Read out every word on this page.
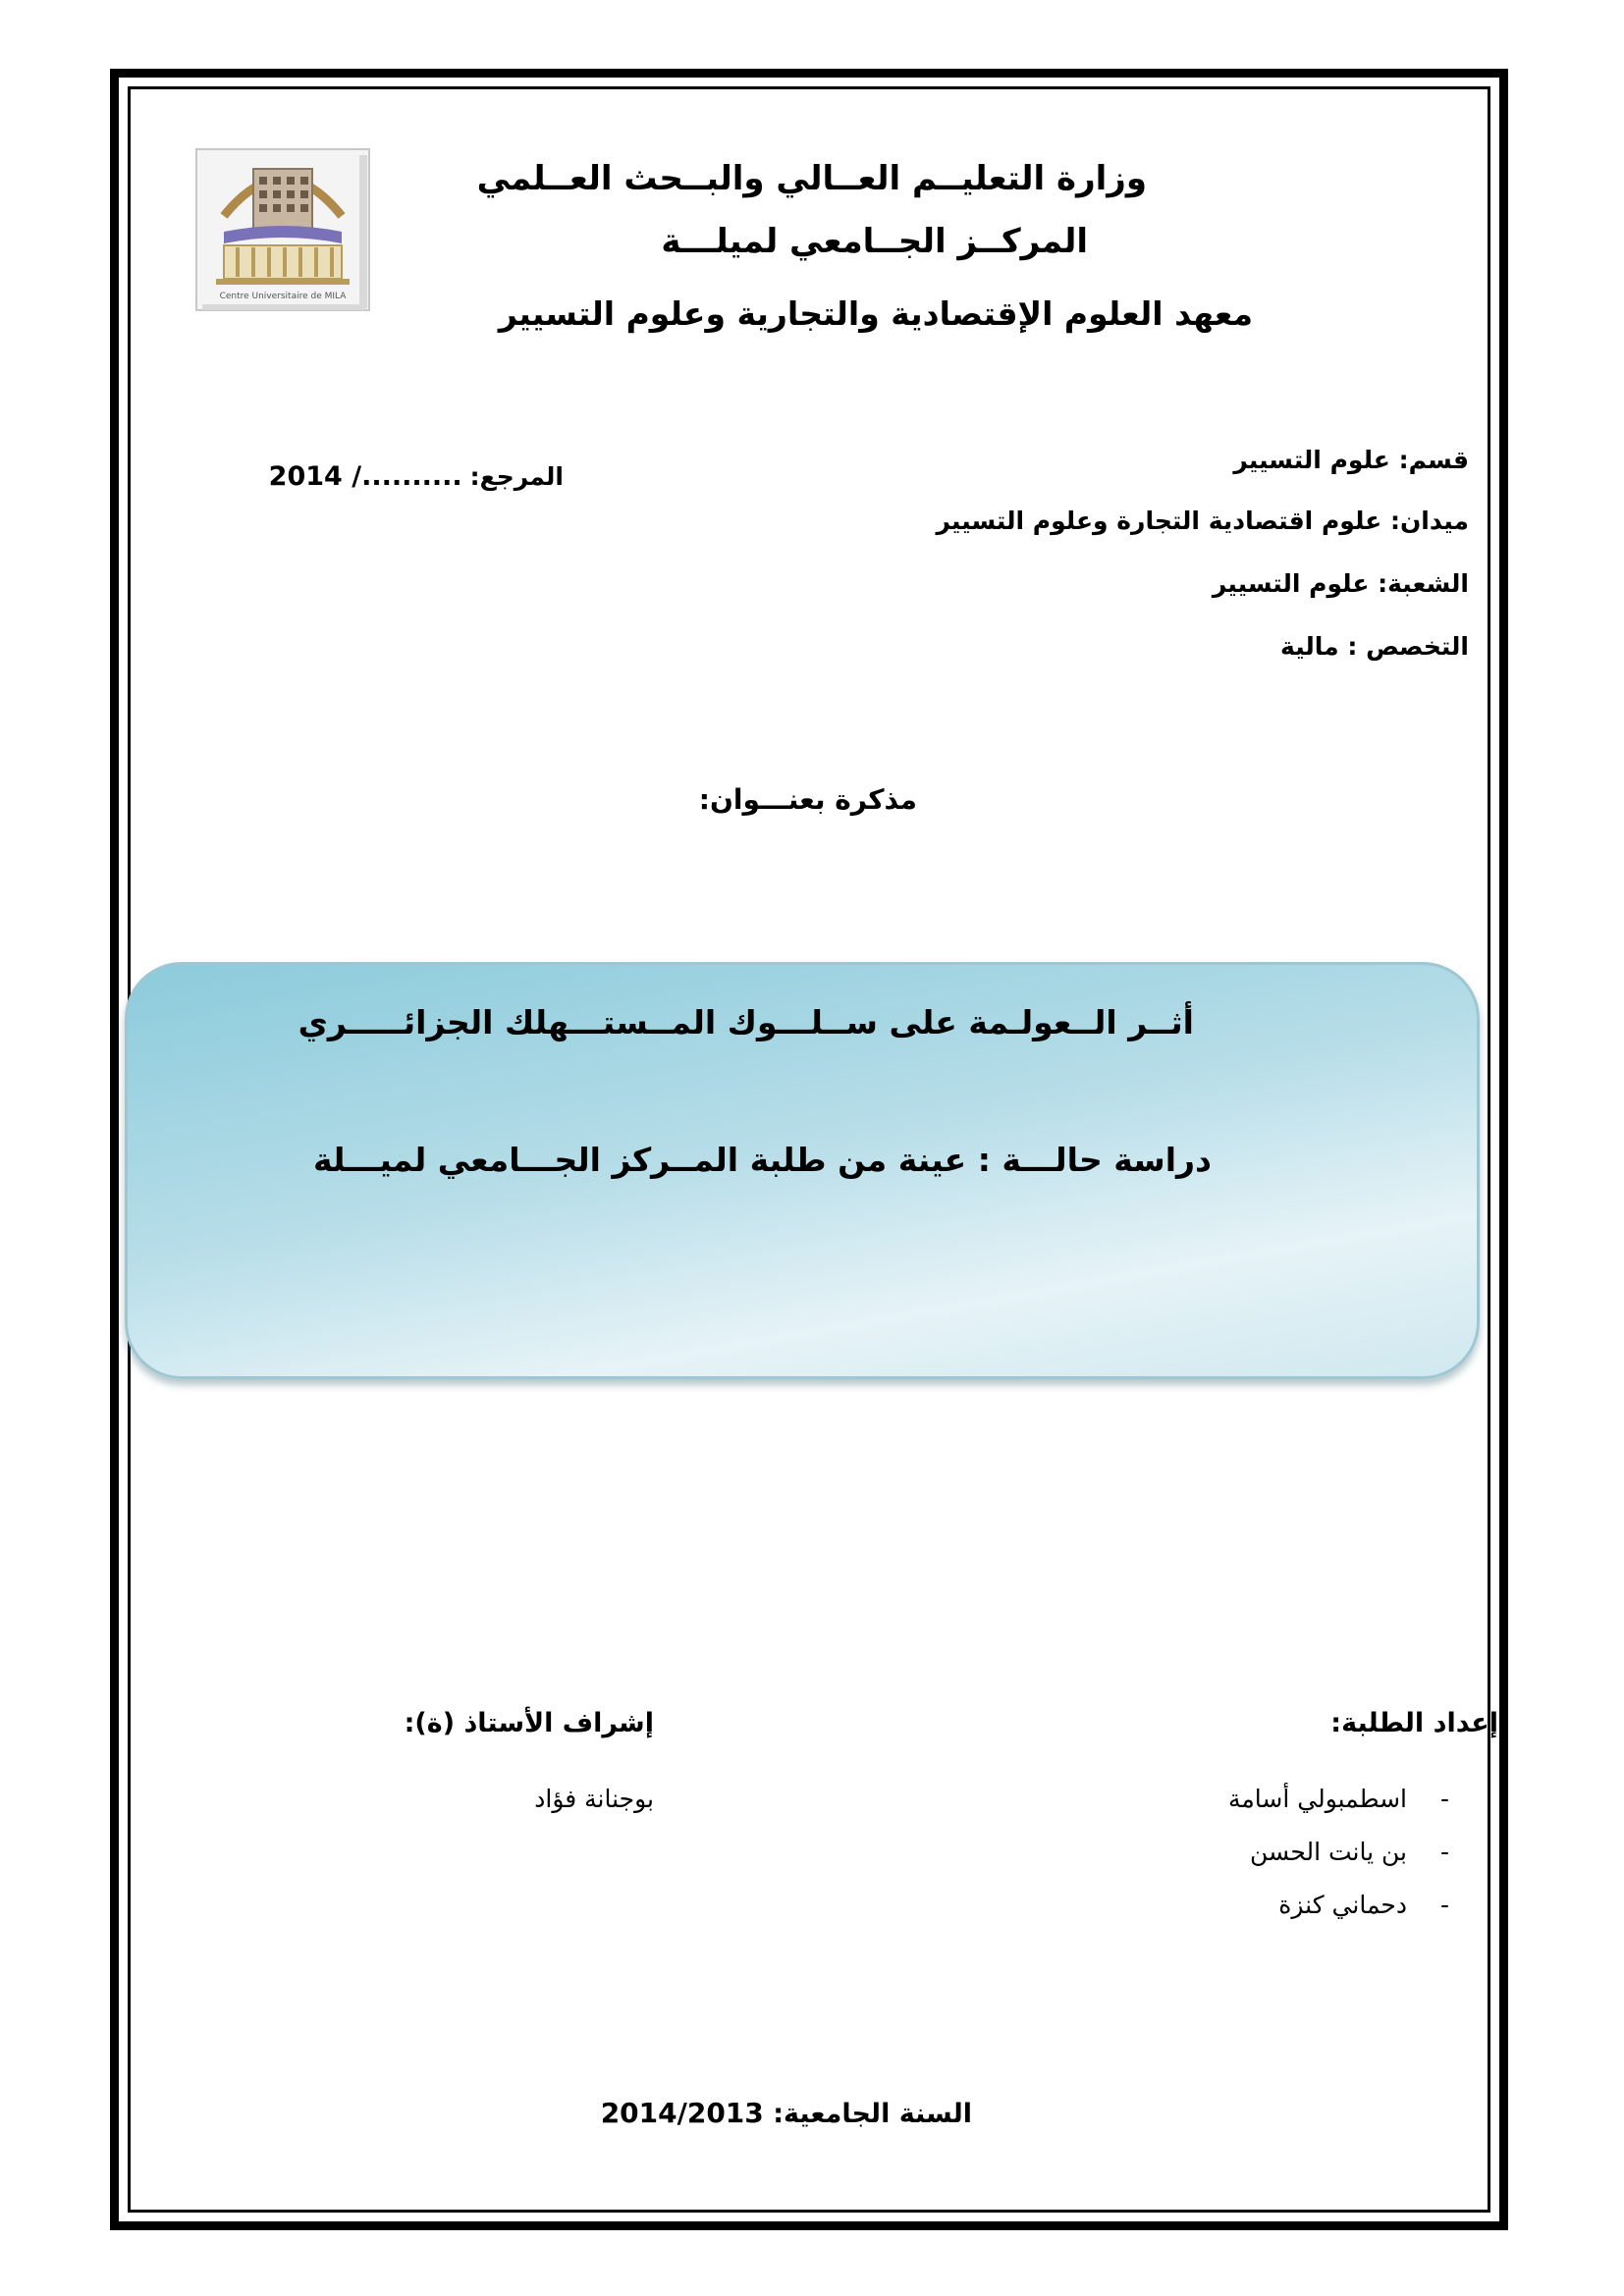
Centre Universitaire de MILA
وزارة التعليــم العــالي والبــحث العــلمي
المركــز الجــامعي لميلـــة
معهد العلوم الإقتصادية والتجارية وعلوم التسيير
قسم: علوم التسيير
ميدان: علوم اقتصادية التجارة وعلوم التسيير
الشعبة: علوم التسيير
التخصص : مالية
المرجع: ........../ 2014
مذكرة بعنـــوان:
أثــر الــعولـمة على ســلـــوك المــستـــهلك الجزائـــــري
دراسة حالـــة : عينة من طلبة المــركز الجـــامعي لميـــلة
إعداد الطلبة:
- اسطمبولي أسامة
- بن يانت الحسن
- دحماني كنزة
إشراف الأستاذ (ة):
بوجنانة فؤاد
السنة الجامعية: 2014/2013
